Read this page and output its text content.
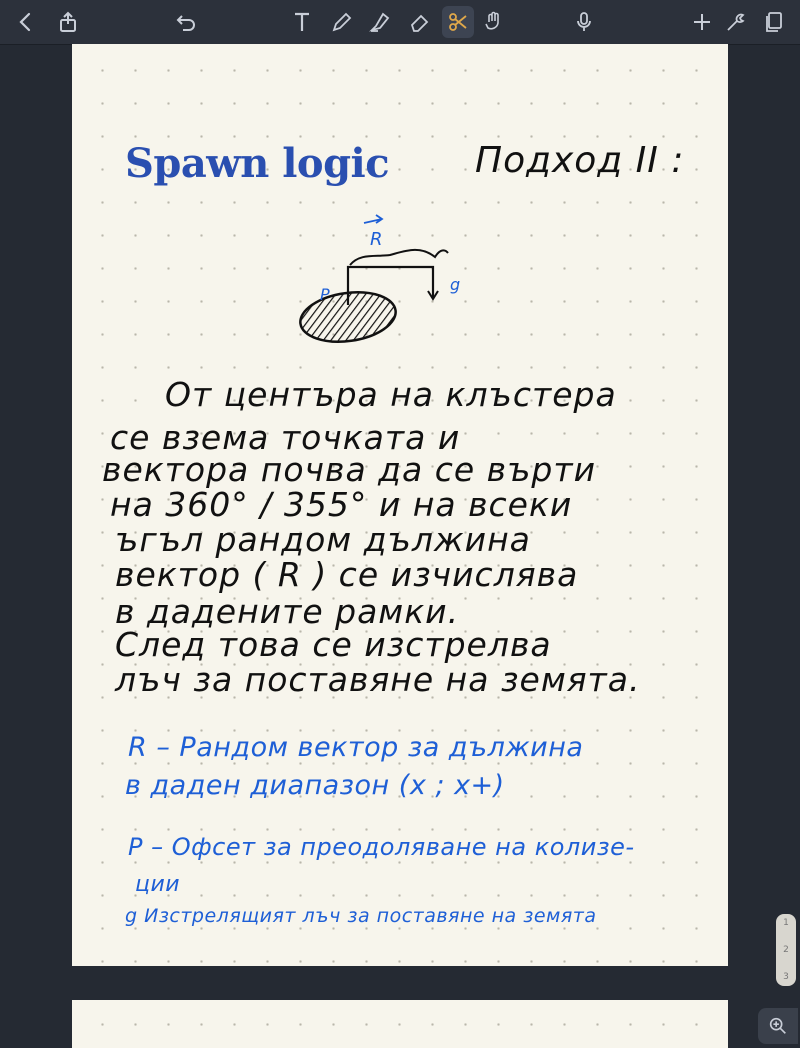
Spawn logic Подход II :
R
P
g
От центъра на клъстера
се взема точката и
вектора почва да се върти
на 360° / 355° и на всеки
ъгъл рандом дължина
вектор ( R ) се изчислява
в дадените рамки.
След това се изстрелва
лъч за поставяне на земята.
R – Рандом вектор за дължина
в даден диапазон (x ; x+)
P – Офсет за преодоляване на колизе-
ции
g Изстрелящият лъч за поставяне на земята	1
2
3
